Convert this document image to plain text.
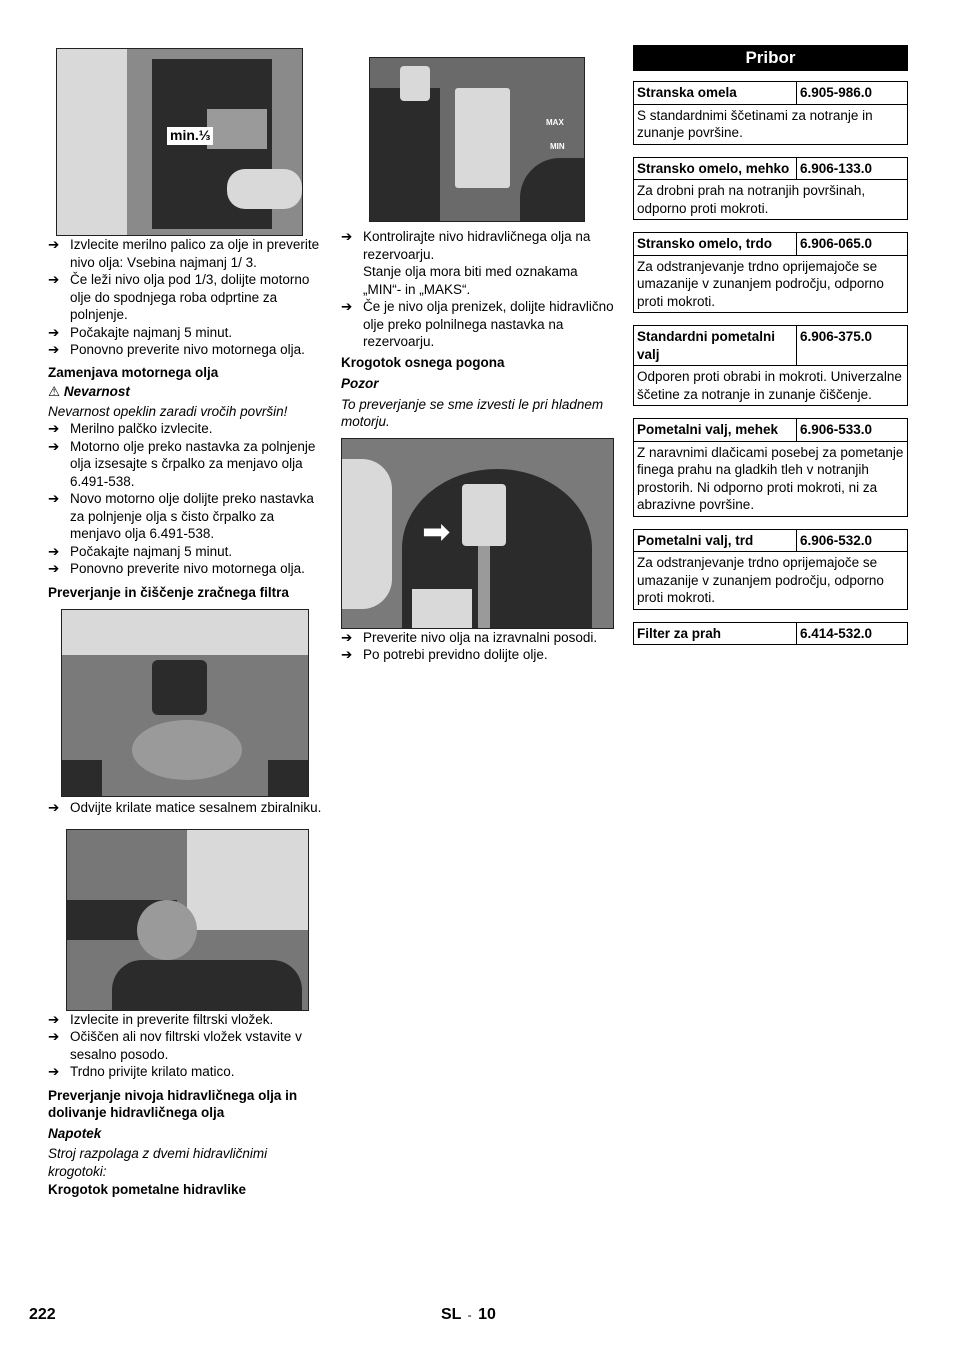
min.⅓
➔ Izvlecite merilno palico za olje in preverite nivo olja: Vsebina najmanj 1/ 3.
➔ Če leži nivo olja pod 1/3, dolijte motorno olje do spodnjega roba odprtine za polnjenje.
➔ Počakajte najmanj 5 minut.
➔ Ponovno preverite nivo motornega olja.
Zamenjava motornega olja
⚠ Nevarnost
Nevarnost opeklin zaradi vročih površin!
➔ Merilno palčko izvlecite.
➔ Motorno olje preko nastavka za polnjenje olja izsesajte s črpalko za menjavo olja 6.491-538.
➔ Novo motorno olje dolijte preko nastavka za polnjenje olja s čisto črpalko za menjavo olja 6.491-538.
➔ Počakajte najmanj 5 minut.
➔ Ponovno preverite nivo motornega olja.
Preverjanje in čiščenje zračnega filtra
➔ Odvijte krilate matice sesalnem zbiralniku.
➔ Izvlecite in preverite filtrski vložek.
➔ Očiščen ali nov filtrski vložek vstavite v sesalno posodo.
➔ Trdno privijte krilato matico.
Preverjanje nivoja hidravličnega olja in dolivanje hidravličnega olja
Napotek
Stroj razpolaga z dvemi hidravličnimi krogotoki:
Krogotok pometalne hidravlike
MAX
MIN
➔ Kontrolirajte nivo hidravličnega olja na rezervoarju.
Stanje olja mora biti med oznakama „MIN“- in „MAKS“.
➔ Če je nivo olja prenizek, dolijte hidravlično olje preko polnilnega nastavka na rezervoarju.
Krogotok osnega pogona
Pozor
To preverjanje se sme izvesti le pri hladnem motorju.
➡
➔ Preverite nivo olja na izravnalni posodi.
➔ Po potrebi previdno dolijte olje.
Pribor
Stranska omela	6.905-986.0
S standardnimi ščetinami za notranje in zunanje površine.
Stransko omelo, mehko 6.906-133.0
Za drobni prah na notranjih površinah, odporno proti mokroti.
Stransko omelo, trdo	6.906-065.0
Za odstranjevanje trdno oprijemajoče se umazanije v zunanjem področju, odporno proti mokroti.
Standardni pometalni valj
6.906-375.0
Odporen proti obrabi in mokroti. Univerzalne ščetine za notranje in zunanje čiščenje.
Pometalni valj, mehek	6.906-533.0
Z naravnimi dlačicami posebej za pometanje finega prahu na gladkih tleh v notranjih prostorih. Ni odporno proti mokroti, ni za abrazivne površine.
Pometalni valj, trd	6.906-532.0
Za odstranjevanje trdno oprijemajoče se umazanije v zunanjem področju, odporno proti mokroti.
Filter za prah	6.414-532.0
222	SL - 10
